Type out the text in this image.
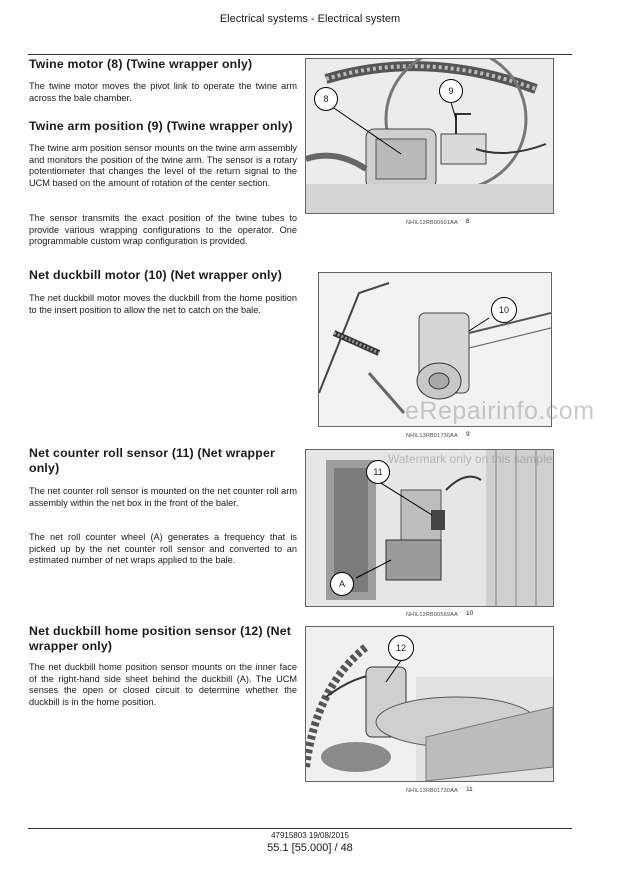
Electrical systems - Electrical system
Twine motor (8) (Twine wrapper only)

The twine motor moves the pivot link to operate the twine arm across the bale chamber.

Twine arm position (9) (Twine wrapper only)

The twine arm position sensor mounts on the twine arm assembly and monitors the position of the twine arm. The sensor is a rotary potentiometer that changes the level of the return signal to the UCM based on the amount of rotation of the center section.

The sensor transmits the exact position of the twine tubes to provide various wrapping configurations to the operator. One programmable custom wrap configuration is provided.

Net duckbill motor (10) (Net wrapper only)

The net duckbill motor moves the duckbill from the home position to the insert position to allow the net to catch on the bale.

Net counter roll sensor (11) (Net wrapper only)

The net counter roll sensor is mounted on the net counter roll arm assembly within the net box in the front of the baler.

The net roll counter wheel (A) generates a frequency that is picked up by the net counter roll sensor and converted to an estimated number of net wraps applied to the bale.

Net duckbill home position sensor (12) (Net wrapper only)

The net duckbill home position sensor mounts on the inner face of the right-hand side sheet behind the duckbill (A). The UCM senses the open or closed circuit to determine whether the duckbill is in the home position.

8
9
NHIL12RB00601AA 8
10
NHIL13RB01730AA 9
11
A
NHIL12RB00569AA 10
12
NHIL13RB01730AA 11
eRepairinfo.com
Watermark only on this sample
47915803 19/08/2015
55.1 [55.000] / 48
